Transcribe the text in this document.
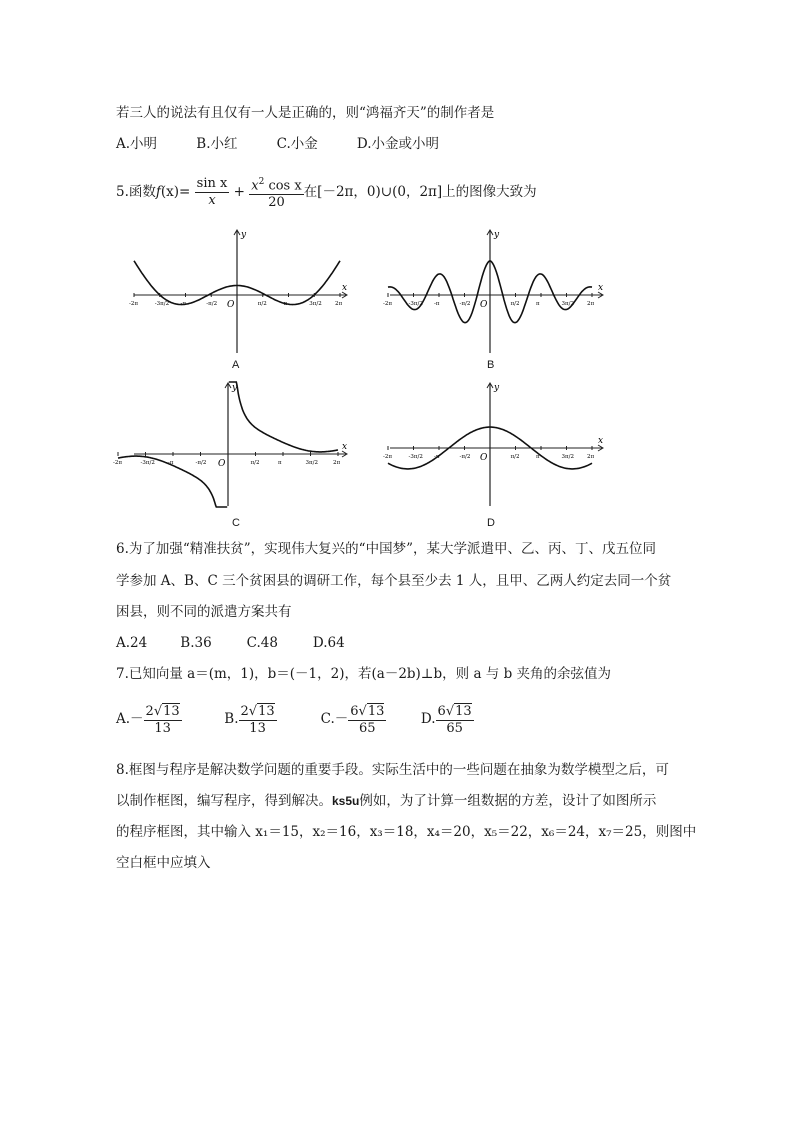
若三人的说法有且仅有一人是正确的，则“鸿福齐天”的制作者是
A.小明	B.小红	C.小金	D.小金或小明
5.函数$f(x)= \frac{\text{sin x}}{x} + \frac{x^2 \cos x}{20}$ 在[－2π，0)∪(0，2π]上的图像大致为
x
y
O
-2π	-3π/2 -π	-π/2	π/2	π	3π/2 2π
x
y
O
-2π	-3π/2 -π	-π/2	π/2	π	3π/2 2π
x
y
O
-2π	-3π/2 -π	-π/2	π/2	π	3π/2	2π
x
y
O
-2π	-3π/2 -π	-π/2	π/2	π	3π/2 2π
A	B
C	D
6.为了加强“精准扶贫”，实现伟大复兴的“中国梦”，某大学派遣甲、乙、丙、丁、戊五位同
学参加 A、B、C 三个贫困县的调研工作，每个县至少去 1 人，且甲、乙两人约定去同一个贫
困县，则不同的派遣方案共有
A.24 B.36	C.48	D.64
7.已知向量 a＝(m，1)，b＝(－1，2)，若(a－2b)⊥b，则 a 与 b 夹角的余弦值为
$A.- \frac{2√13}{13}$	B. $\frac{2√13}{13}$	$C.- \frac{6√13}{65}$	D. $\frac{6√13}{65}$
8.框图与程序是解决数学问题的重要手段。实际生活中的一些问题在抽象为数学模型之后，可
以制作框图，编写程序，得到解决。ks5u例如，为了计算一组数据的方差，设计了如图所示
的程序框图，其中输入 x₁＝15，x₂＝16，x₃＝18，x₄＝20，x₅＝22，x₆＝24，x₇＝25，则图中
空白框中应填入
